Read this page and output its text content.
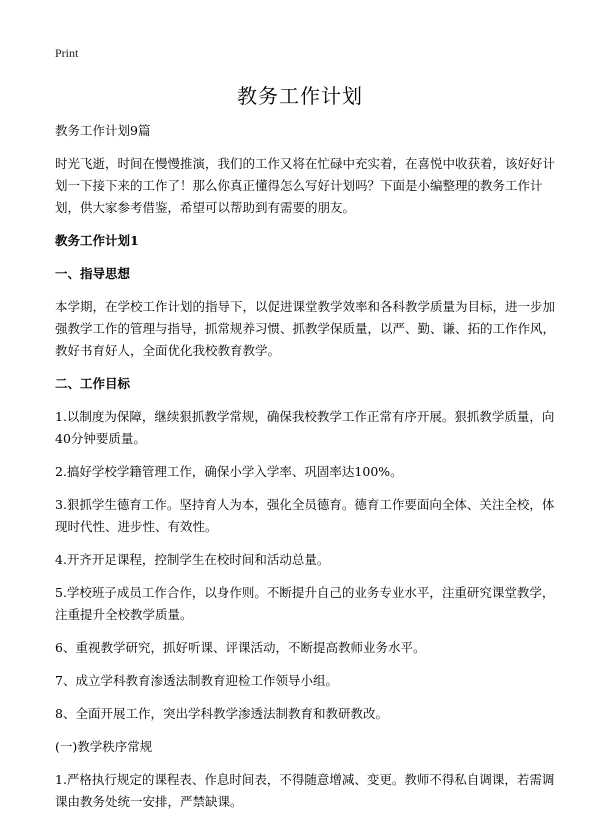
Print
教务工作计划

教务工作计划9篇

时光飞逝，时间在慢慢推演，我们的工作又将在忙碌中充实着，在喜悦中收获着，该好好计划一下接下来的工作了！那么你真正懂得怎么写好计划吗？下面是小编整理的教务工作计划，供大家参考借鉴，希望可以帮助到有需要的朋友。

教务工作计划1

一、指导思想

本学期，在学校工作计划的指导下，以促进课堂教学效率和各科教学质量为目标，进一步加强教学工作的管理与指导，抓常规养习惯、抓教学保质量，以严、勤、谦、拓的工作作风，教好书育好人，全面优化我校教育教学。

二、工作目标

1.以制度为保障，继续狠抓教学常规，确保我校教学工作正常有序开展。狠抓教学质量，向40分钟要质量。

2.搞好学校学籍管理工作，确保小学入学率、巩固率达100%。

3.狠抓学生德育工作。坚持育人为本，强化全员德育。德育工作要面向全体、关注全校，体现时代性、进步性、有效性。

4.开齐开足课程，控制学生在校时间和活动总量。

5.学校班子成员工作合作，以身作则。不断提升自己的业务专业水平，注重研究课堂教学，注重提升全校教学质量。

6、重视教学研究，抓好听课、评课活动，不断提高教师业务水平。

7、成立学科教育渗透法制教育迎检工作领导小组。

8、全面开展工作，突出学科教学渗透法制教育和教研教改。

(一)教学秩序常规

1.严格执行规定的课程表、作息时间表，不得随意增减、变更。教师不得私自调课，若需调课由教务处统一安排，严禁缺课。
